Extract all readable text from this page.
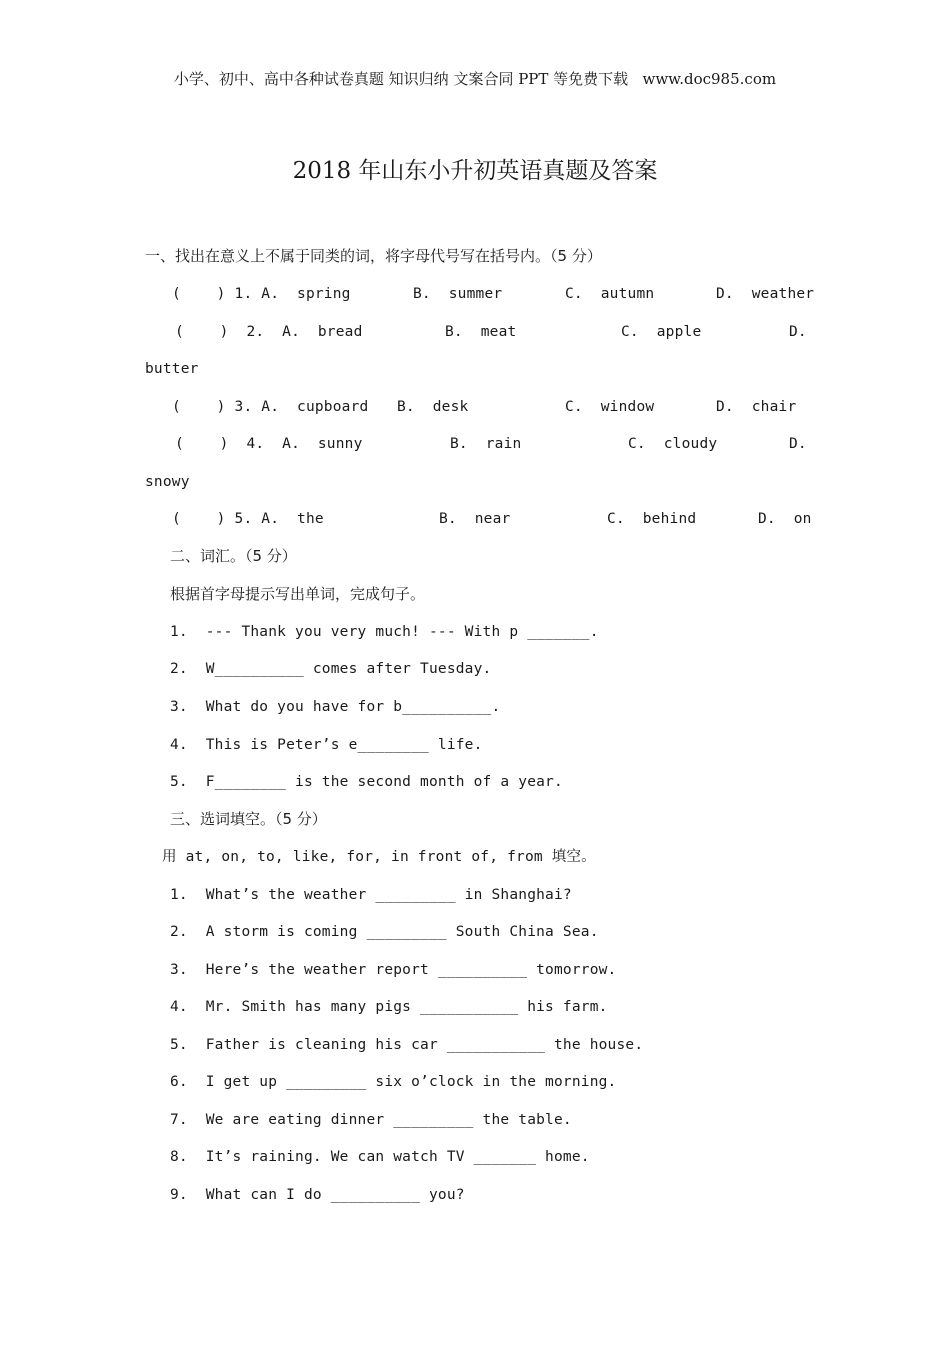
小学、初中、高中各种试卷真题 知识归纳 文案合同 PPT 等免费下载   www.doc985.com
2018 年山东小升初英语真题及答案
一、找出在意义上不属于同类的词，将字母代号写在括号内。（5 分）
(    ) 1. A.  spring	B.  summer	C.  autumn	D.  weather
(    )  2.  A.  bread	B.  meat	C.  apple	D.
butter
(    ) 3. A.  cupboard B.  desk	C.  window	D.  chair
(    )  4.  A.  sunny	B.  rain	C.  cloudy	D.
snowy
(    ) 5. A.  the	B.  near	C.  behind	D.  on
二、词汇。（5 分）
根据首字母提示写出单词，完成句子。
1.  --- Thank you very much! --- With p _______.
2.  W__________ comes after Tuesday.
3.  What do you have for b__________.
4.  This is Peter’s e________ life.
5.  F________ is the second month of a year.
三、选词填空。（5 分）
用 at, on, to, like, for, in front of, from 填空。
1.  What’s the weather _________ in Shanghai?
2.  A storm is coming _________ South China Sea.
3.  Here’s the weather report __________ tomorrow.
4.  Mr. Smith has many pigs ___________ his farm.
5.  Father is cleaning his car ___________ the house.
6.  I get up _________ six o’clock in the morning.
7.  We are eating dinner _________ the table.
8.  It’s raining. We can watch TV _______ home.
9.  What can I do __________ you?
